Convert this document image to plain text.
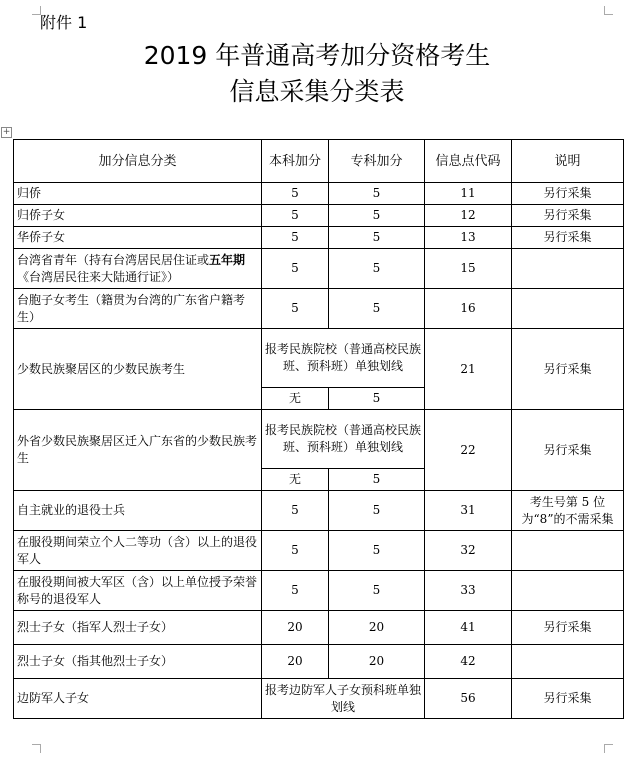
附件 1
2019 年普通高考加分资格考生
信息采集分类表
+
加分信息分类	本科加分	专科加分	信息点代码	说明
归侨	5	5	11	另行采集
归侨子女	5	5	12	另行采集
华侨子女	5	5	13	另行采集
台湾省青年（持有台湾居民居住证或五年期《台湾居民往来大陆通行证》）	5	5	15	
台胞子女考生（籍贯为台湾的广东省户籍考生）	5	5	16	
少数民族聚居区的少数民族考生	报考民族院校（普通高校民族班、预科班）单独划线		21	另行采集
	无	5		
外省少数民族聚居区迁入广东省的少数民族考生	报考民族院校（普通高校民族班、预科班）单独划线		22	另行采集
	无	5		
自主就业的退役士兵	5	5	31	考生号第 5 位为“8”的不需采集
在服役期间荣立个人二等功（含）以上的退役军人	5	5	32	
在服役期间被大军区（含）以上单位授予荣誉称号的退役军人	5	5	33	
烈士子女（指军人烈士子女）	20	20	41	另行采集
烈士子女（指其他烈士子女）	20	20	42	
边防军人子女	报考边防军人子女预科班单独划线		56	另行采集
